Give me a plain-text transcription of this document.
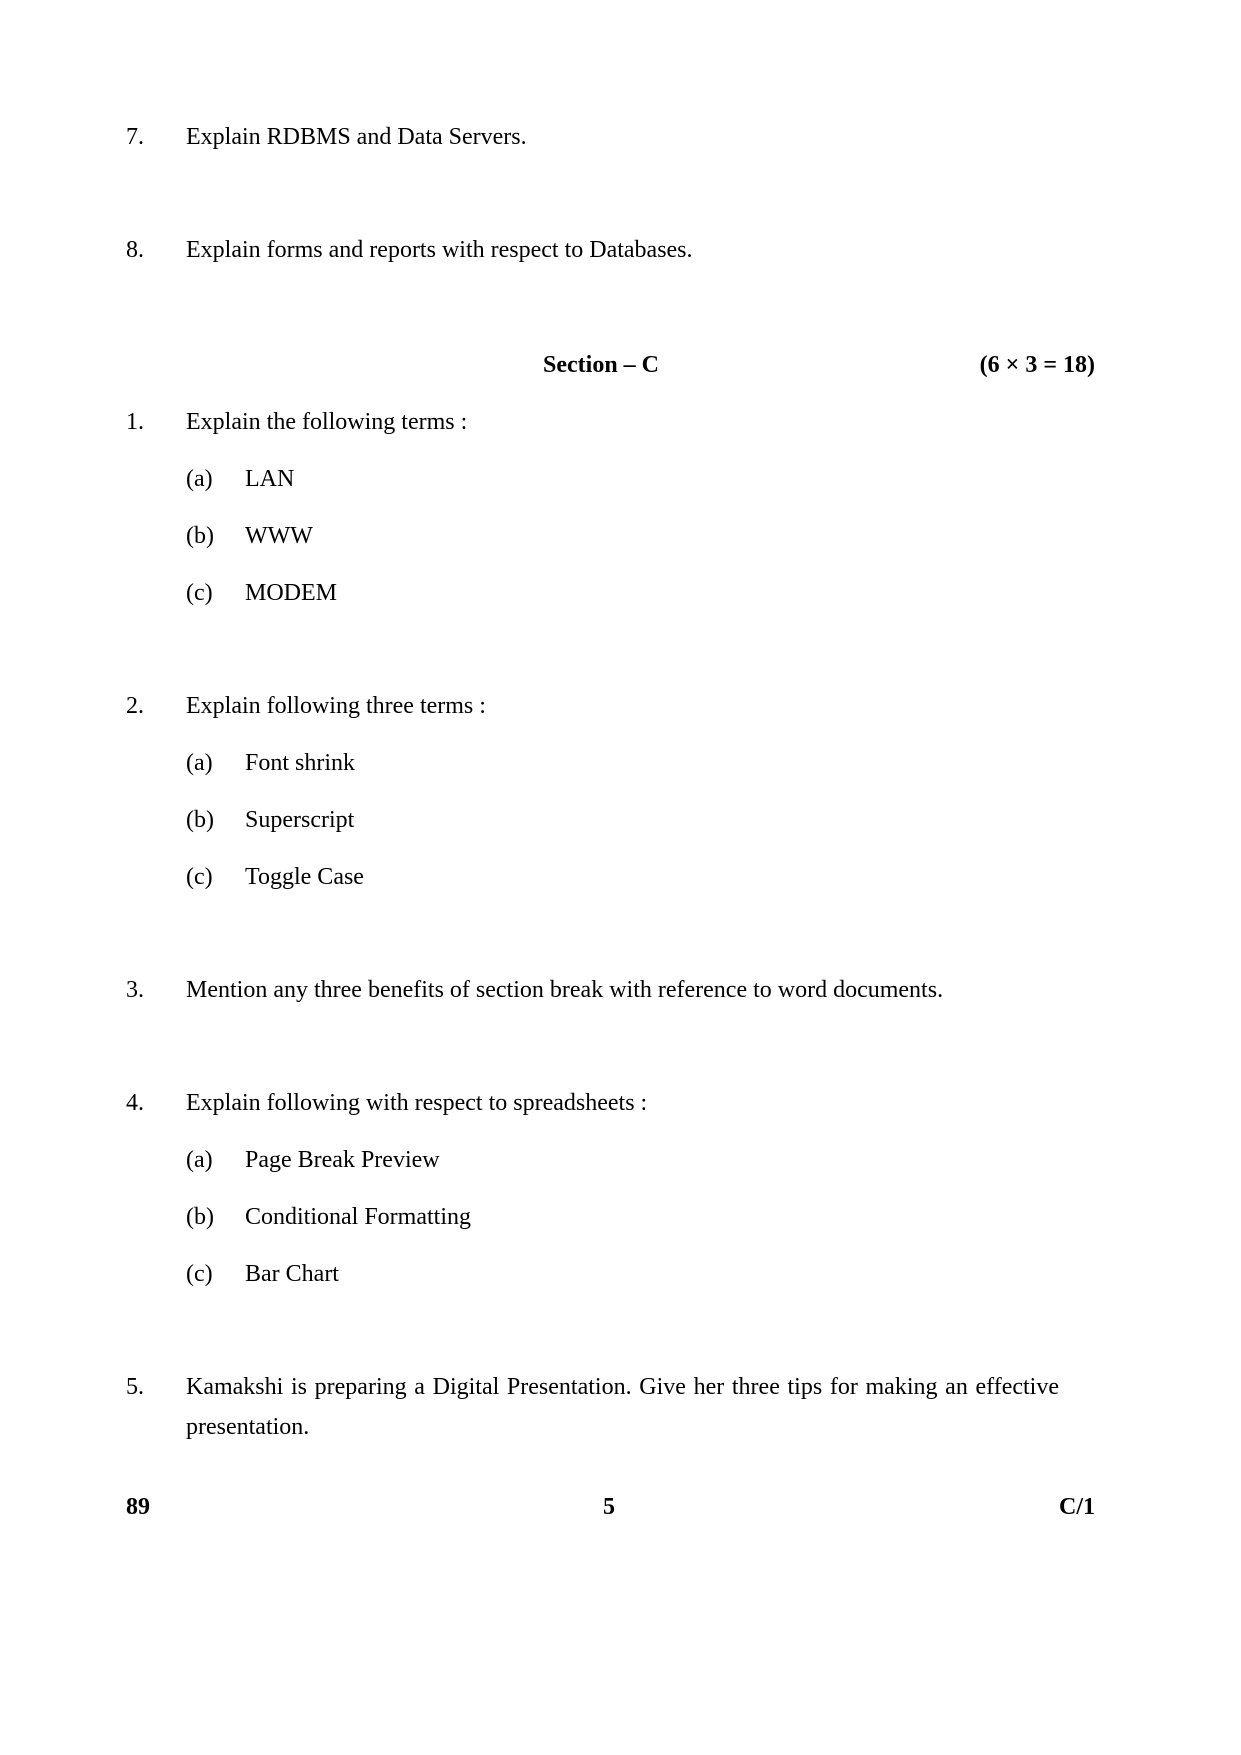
7. Explain RDBMS and Data Servers.
8. Explain forms and reports with respect to Databases.
Section – C	(6 × 3 = 18)
1. Explain the following terms :
(a) LAN
(b) WWW
(c) MODEM
2. Explain following three terms :
(a) Font shrink
(b) Superscript
(c) Toggle Case
3. Mention any three benefits of section break with reference to word documents.
4. Explain following with respect to spreadsheets :
(a) Page Break Preview
(b) Conditional Formatting
(c) Bar Chart
5. Kamakshi is preparing a Digital Presentation. Give her three tips for making an effective presentation.
89	5	C/1
